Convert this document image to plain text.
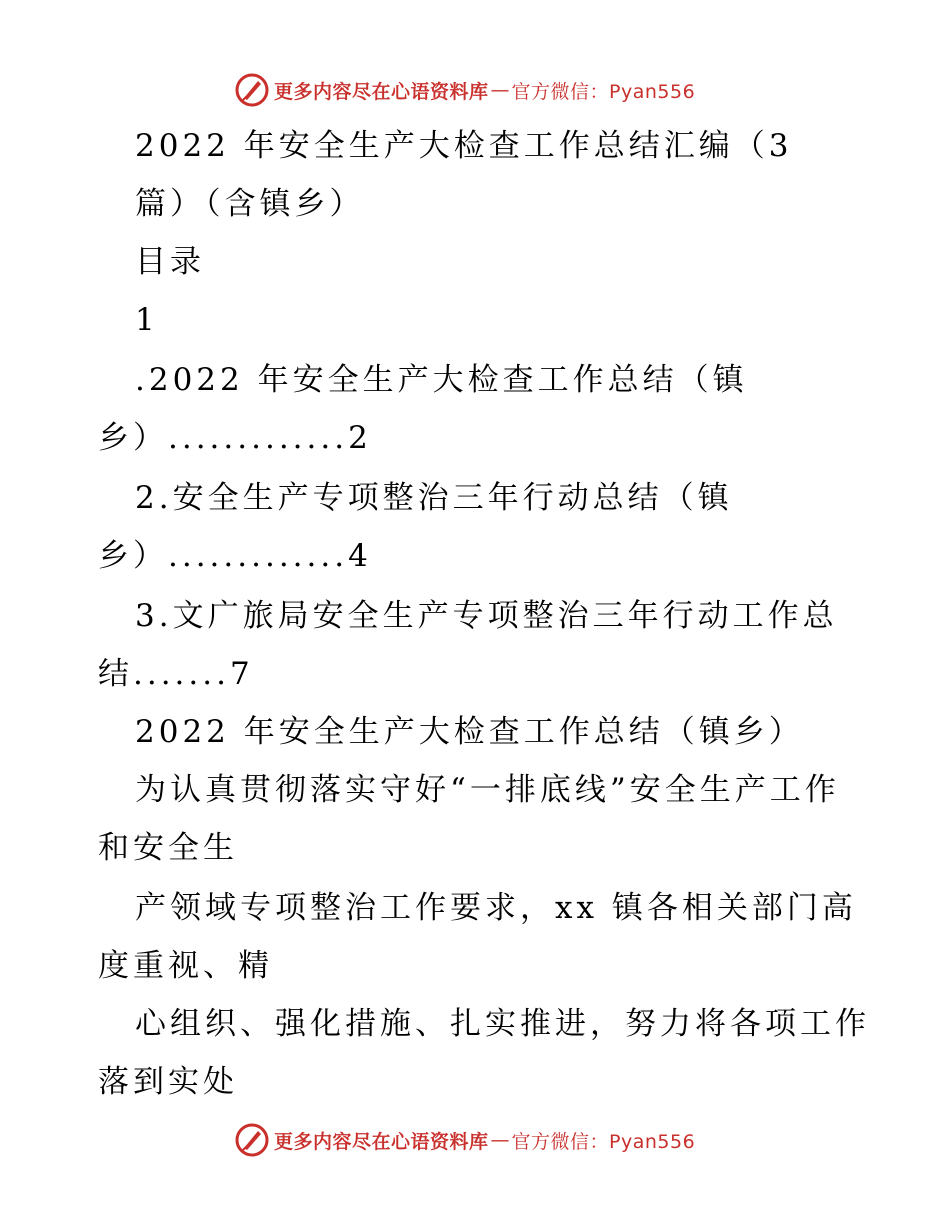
更多内容尽在心语资料库 — 官方微信：Pyan556
2022 年安全生产大检查工作总结汇编（3
篇）（含镇乡）
目录
1
.2022 年安全生产大检查工作总结（镇
乡）.............2
2.安全生产专项整治三年行动总结（镇
乡）.............4
3.文广旅局安全生产专项整治三年行动工作总
结.......7
2022 年安全生产大检查工作总结（镇乡）
为认真贯彻落实守好“一排底线”安全生产工作
和安全生
产领域专项整治工作要求，xx 镇各相关部门高
度重视、精
心组织、强化措施、扎实推进，努力将各项工作
落到实处
更多内容尽在心语资料库 — 官方微信：Pyan556
